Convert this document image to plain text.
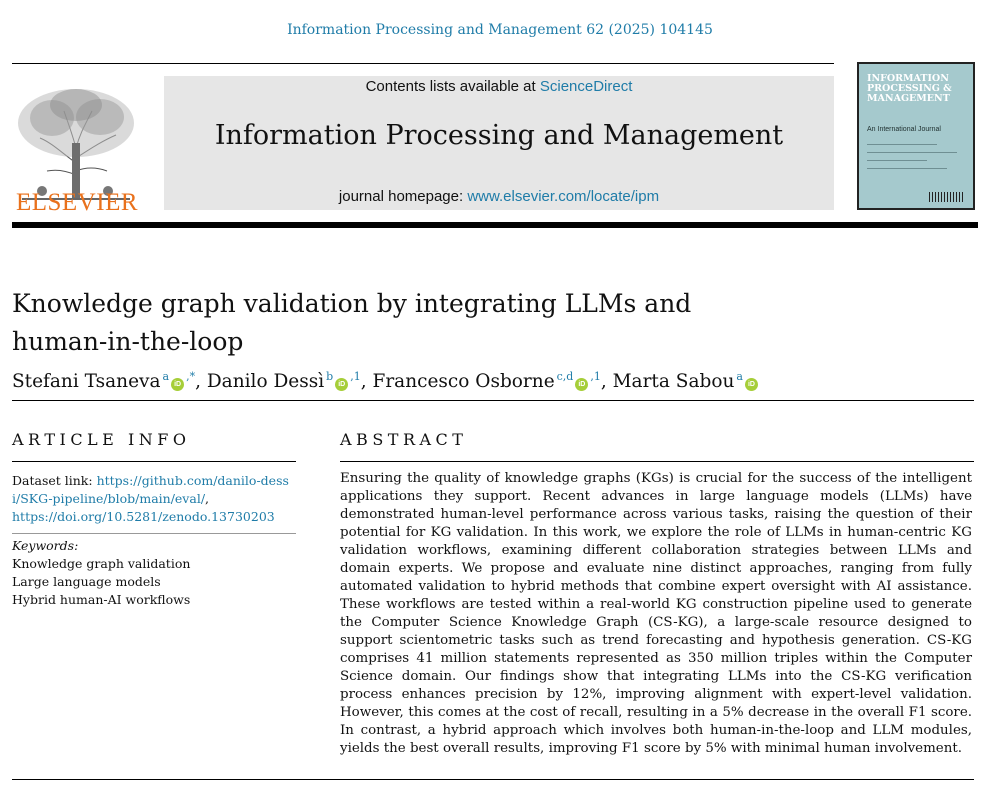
Information Processing and Management 62 (2025) 104145
ELSEVIER
Contents lists available at ScienceDirect
Information Processing and Management
journal homepage: www.elsevier.com/locate/ipm
INFORMATION PROCESSING & MANAGEMENT
An International Journal
Knowledge graph validation by integrating LLMs and human-in-the-loop
Stefani Tsaneva $^a$iD,*, Danilo Dessì $^biD^{,1}$, Francesco Osborne $^{c,d}iD^{,1}$, Marta Sabou $^a$iD
ARTICLE INFO	ABSTRACT
Dataset link: https://github.com/danilo-dessi/SKG-pipeline/blob/main/eval/, https://doi.org/10.5281/zenodo.13730203
Keywords:
Knowledge graph validation
Large language models
Hybrid human-AI workflows

Ensuring the quality of knowledge graphs (KGs) is crucial for the success of the intelligent applications they support. Recent advances in large language models (LLMs) have demonstrated human-level performance across various tasks, raising the question of their potential for KG validation. In this work, we explore the role of LLMs in human-centric KG validation workflows, examining different collaboration strategies between LLMs and domain experts. We propose and evaluate nine distinct approaches, ranging from fully automated validation to hybrid methods that combine expert oversight with AI assistance. These workflows are tested within a real-world KG construction pipeline used to generate the Computer Science Knowledge Graph (CS-KG), a large-scale resource designed to support scientometric tasks such as trend forecasting and hypothesis generation. CS-KG comprises 41 million statements represented as 350 million triples within the Computer Science domain. Our findings show that integrating LLMs into the CS-KG verification process enhances precision by 12%, improving alignment with expert-level validation. However, this comes at the cost of recall, resulting in a 5% decrease in the overall F1 score. In contrast, a hybrid approach which involves both human-in-the-loop and LLM modules, yields the best overall results, improving F1 score by 5% with minimal human involvement.
